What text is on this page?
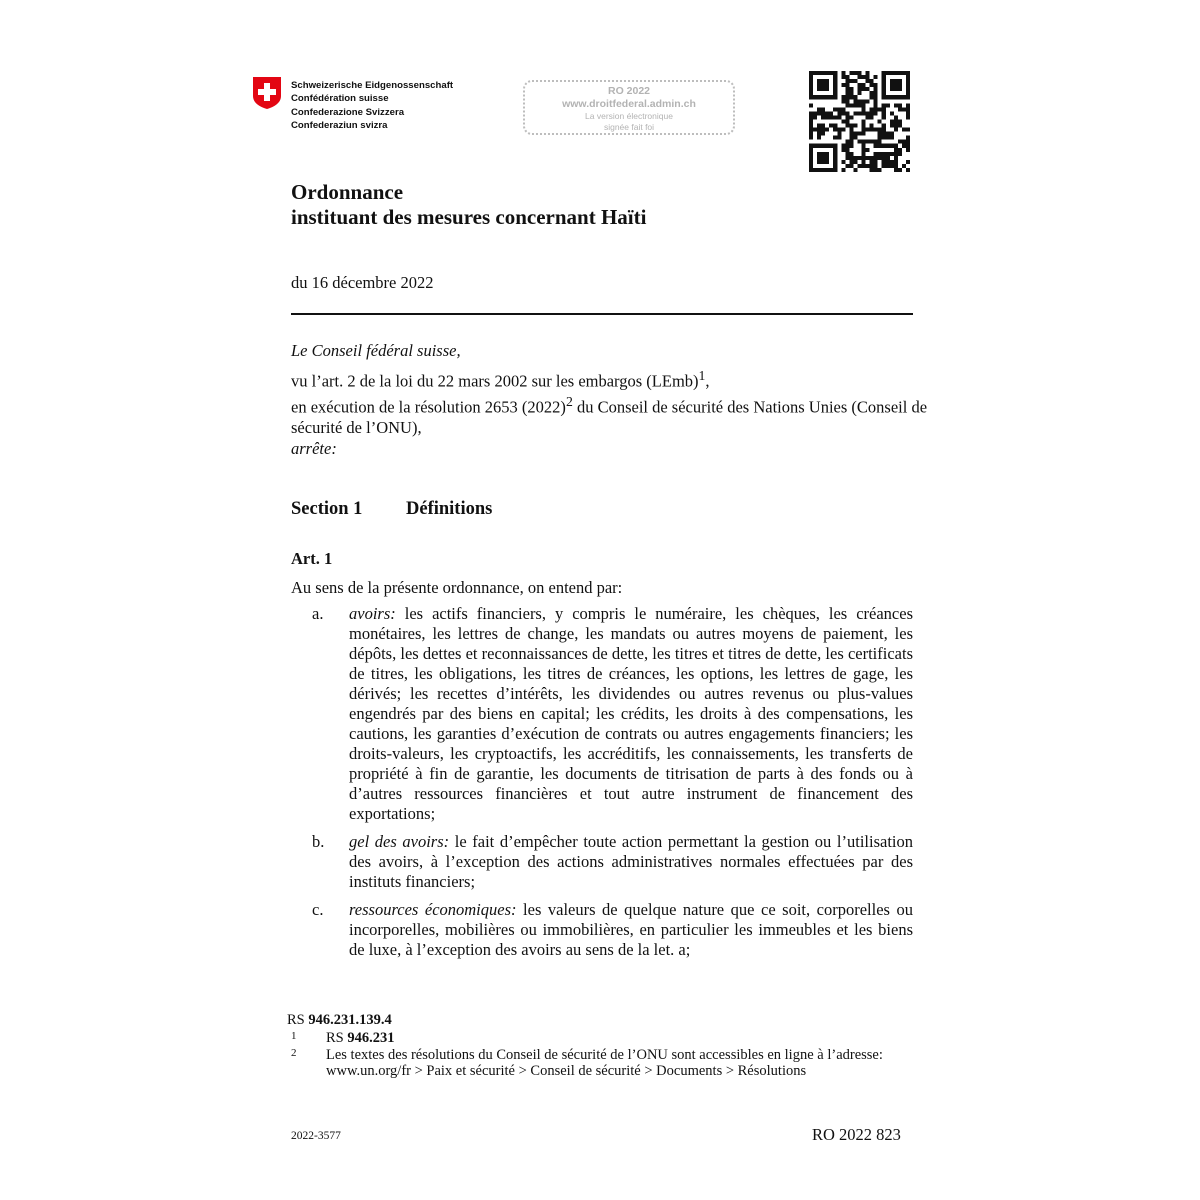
Schweizerische Eidgenossenschaft
Confédération suisse
Confederazione Svizzera
Confederaziun svizra
RO 2022
www.droitfederal.admin.ch
La version électronique
signée fait foi
Ordonnance
instituant des mesures concernant Haïti
du 16 décembre 2022

Le Conseil fédéral suisse,

vu l’art. 2 de la loi du 22 mars 2002 sur les embargos (LEmb)$^1$,

en exécution de la résolution 2653 $(2022)^2$ du Conseil de sécurité des Nations Unies (Conseil de sécurité de l’ONU),

arrête:

Section 1 Définitions
Art. 1
Au sens de la présente ordonnance, on entend par:
a. avoirs: les actifs financiers, y compris le numéraire, les chèques, les créances monétaires, les lettres de change, les mandats ou autres moyens de paiement, les dépôts, les dettes et reconnaissances de dette, les titres et titres de dette, les certificats de titres, les obligations, les titres de créances, les options, les lettres de gage, les dérivés; les recettes d’intérêts, les dividendes ou autres revenus ou plus-values engendrés par des biens en capital; les crédits, les droits à des compensations, les cautions, les garanties d’exécution de contrats ou autres engagements financiers; les droits-valeurs, les cryptoactifs, les accréditifs, les connaissements, les transferts de propriété à fin de garantie, les documents de titrisation de parts à des fonds ou à d’autres ressources financières et tout autre instrument de financement des exportations;
b. gel des avoirs: le fait d’empêcher toute action permettant la gestion ou l’utilisation des avoirs, à l’exception des actions administratives normales effectuées par des instituts financiers;
c. ressources économiques: les valeurs de quelque nature que ce soit, corporelles ou incorporelles, mobilières ou immobilières, en particulier les immeubles et les biens de luxe, à l’exception des avoirs au sens de la let. a;
RS 946.231.139.4
1 RS 946.231
2 Les textes des résolutions du Conseil de sécurité de l’ONU sont accessibles en ligne à l’adresse: www.un.org/fr > Paix et sécurité > Conseil de sécurité > Documents > Résolutions
2022-3577	RO 2022 823
